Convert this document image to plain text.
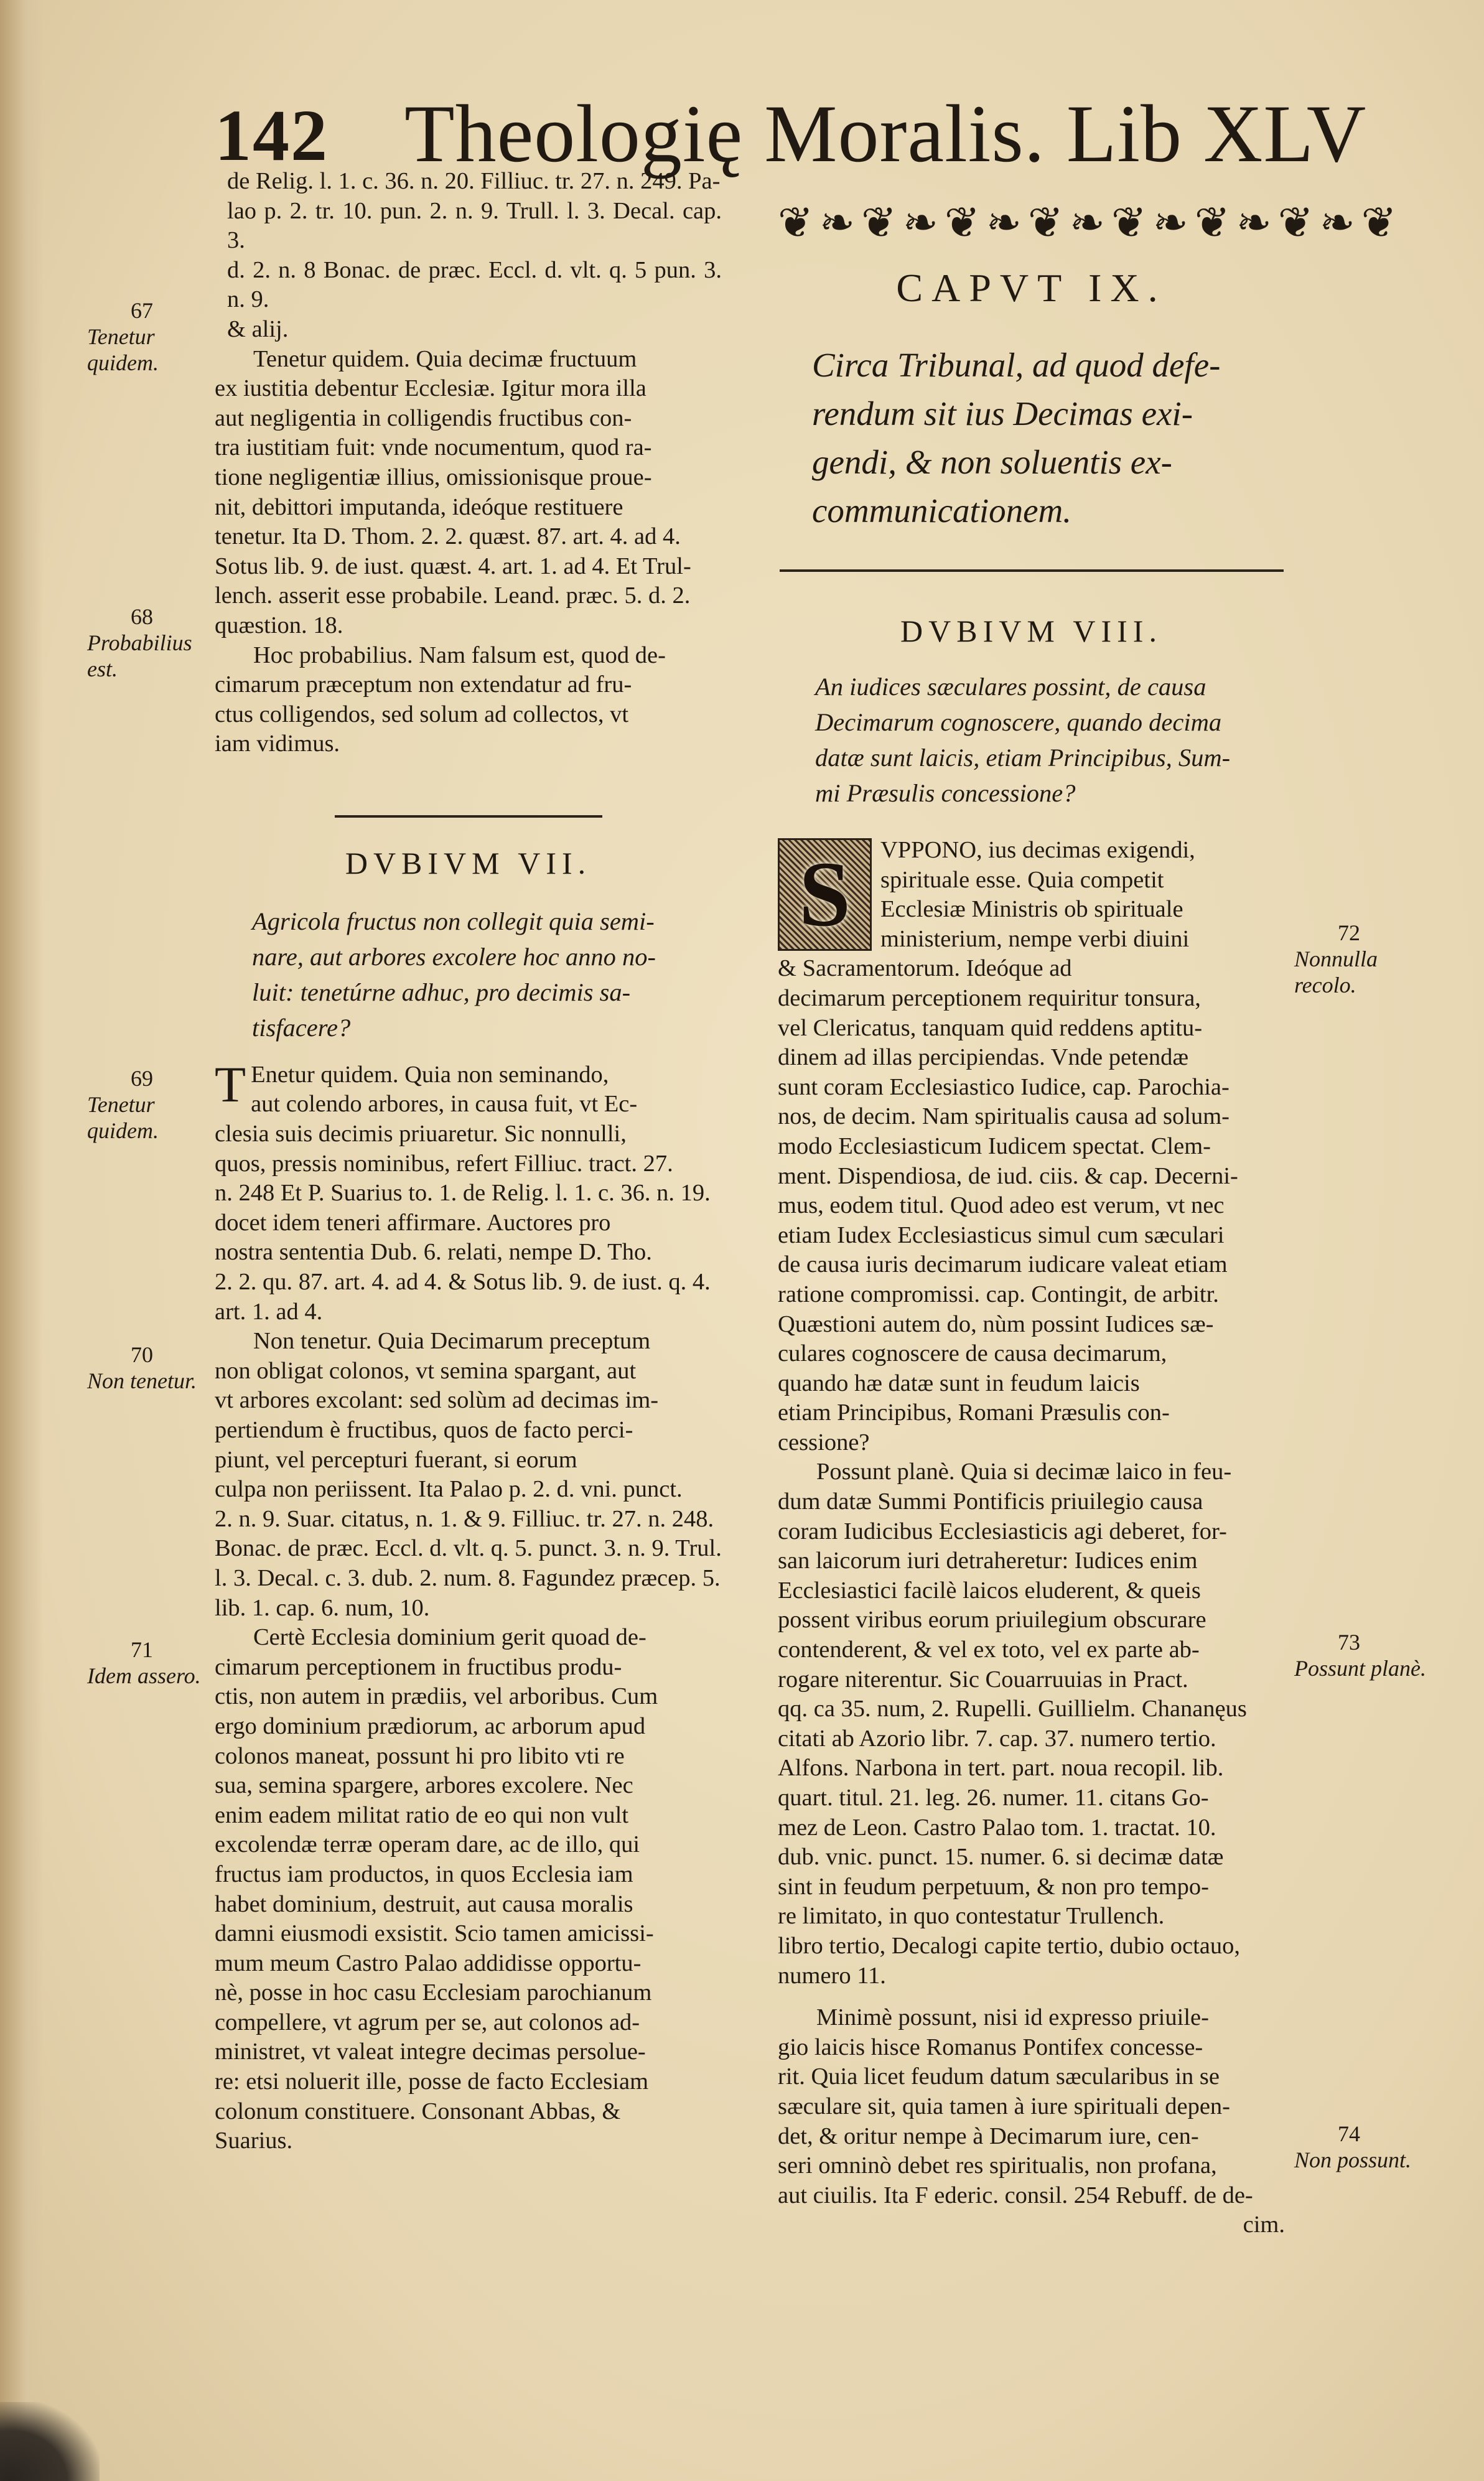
142 Theologię Moralis. Lib XLV

de Relig. l. 1. c. 36. n. 20. Filliuc. tr. 27. n. 249. Pa-

lao p. 2. tr. 10. pun. 2. n. 9. Trull. l. 3. Decal. cap. 3.

d. 2. n. 8 Bonac. de præc. Eccl. d. vlt. q. 5 pun. 3. n. 9.

& alij.

Tenetur quidem. Quia decimæ fructuum

ex iustitia debentur Ecclesiæ. Igitur mora illa

aut negligentia in colligendis fructibus con-

tra iustitiam fuit: vnde nocumentum, quod ra-

tione negligentiæ illius, omissionisque proue-

nit, debittori imputanda, ideóque restituere

tenetur. Ita D. Thom. 2. 2. quæst. 87. art. 4. ad 4.

Sotus lib. 9. de iust. quæst. 4. art. 1. ad 4. Et Trul-

lench. asserit esse probabile. Leand. præc. 5. d. 2.

quæstion. 18.

Hoc probabilius. Nam falsum est, quod de-

cimarum præceptum non extendatur ad fru-

ctus colligendos, sed solum ad collectos, vt

iam vidimus.

DVBIVM VII.
Agricola fructus non collegit quia semi-
nare, aut arbores excolere hoc anno no-
luit: tenetúrne adhuc, pro decimis sa-
tisfacere?
T Enetur quidem. Quia non seminando,

aut colendo arbores, in causa fuit, vt Ec-

clesia suis decimis priuaretur. Sic nonnulli,

quos, pressis nominibus, refert Filliuc. tract. 27.

n. 248 Et P. Suarius to. 1. de Relig. l. 1. c. 36. n. 19.

docet idem teneri affirmare. Auctores pro

nostra sententia Dub. 6. relati, nempe D. Tho.

2. 2. qu. 87. art. 4. ad 4. & Sotus lib. 9. de iust. q. 4.

art. 1. ad 4.

Non tenetur. Quia Decimarum preceptum

non obligat colonos, vt semina spargant, aut

vt arbores excolant: sed solùm ad decimas im-

pertiendum è fructibus, quos de facto perci-

piunt, vel percepturi fuerant, si eorum

culpa non periissent. Ita Palao p. 2. d. vni. punct.

2. n. 9. Suar. citatus, n. 1. & 9. Filliuc. tr. 27. n. 248.

Bonac. de præc. Eccl. d. vlt. q. 5. punct. 3. n. 9. Trul.

l. 3. Decal. c. 3. dub. 2. num. 8. Fagundez præcep. 5.

lib. 1. cap. 6. num, 10.

Certè Ecclesia dominium gerit quoad de-

cimarum perceptionem in fructibus produ-

ctis, non autem in prædiis, vel arboribus. Cum

ergo dominium prædiorum, ac arborum apud

colonos maneat, possunt hi pro libito vti re

sua, semina spargere, arbores excolere. Nec

enim eadem militat ratio de eo qui non vult

excolendæ terræ operam dare, ac de illo, qui

fructus iam productos, in quos Ecclesia iam

habet dominium, destruit, aut causa moralis

damni eiusmodi exsistit. Scio tamen amicissi-

mum meum Castro Palao addidisse opportu-

nè, posse in hoc casu Ecclesiam parochianum

compellere, vt agrum per se, aut colonos ad-

ministret, vt valeat integre decimas persolue-

re: etsi noluerit ille, posse de facto Ecclesiam

colonum constituere. Consonant Abbas, &

Suarius.

67
Tenetur quidem.
68
Probabilius est.
69
Tenetur quidem.
70
Non tenetur.
71
Idem assero.
❦❧❦❧❦❧❦❧❦❧❦❧❦❧❦
CAPVT IX.
Circa Tribunal, ad quod defe-
rendum sit ius Decimas exi-
gendi, & non soluentis ex-
communicationem.
DVBIVM VIII.
An iudices sæculares possint, de causa
Decimarum cognoscere, quando decima
datæ sunt laicis, etiam Principibus, Sum-
mi Præsulis concessione?
S	VPPONO, ius decimas exigendi,

spirituale esse. Quia competit

Ecclesiæ Ministris ob spirituale

ministerium, nempe verbi diuini

& Sacramentorum. Ideóque ad

decimarum perceptionem requiritur tonsura,

vel Clericatus, tanquam quid reddens aptitu-

dinem ad illas percipiendas. Vnde petendæ

sunt coram Ecclesiastico Iudice, cap. Parochia-

nos, de decim. Nam spiritualis causa ad solum-

modo Ecclesiasticum Iudicem spectat. Clem-

ment. Dispendiosa, de iud. ciis. & cap. Decerni-

mus, eodem titul. Quod adeo est verum, vt nec

etiam Iudex Ecclesiasticus simul cum sæculari

de causa iuris decimarum iudicare valeat etiam

ratione compromissi. cap. Contingit, de arbitr.

Quæstioni autem do, nùm possint Iudices sæ-

culares cognoscere de causa decimarum,

quando hæ datæ sunt in feudum laicis

etiam Principibus, Romani Præsulis con-

cessione?

Possunt planè. Quia si decimæ laico in feu-

dum datæ Summi Pontificis priuilegio causa

coram Iudicibus Ecclesiasticis agi deberet, for-

san laicorum iuri detraheretur: Iudices enim

Ecclesiastici facilè laicos eluderent, & queis

possent viribus eorum priuilegium obscurare

contenderent, & vel ex toto, vel ex parte ab-

rogare niterentur. Sic Couarruuias in Pract.

qq. ca 35. num, 2. Rupelli. Guillielm. Chananęus

citati ab Azorio libr. 7. cap. 37. numero tertio.

Alfons. Narbona in tert. part. noua recopil. lib.

quart. titul. 21. leg. 26. numer. 11. citans Go-

mez de Leon. Castro Palao tom. 1. tractat. 10.

dub. vnic. punct. 15. numer. 6. si decimæ datæ

sint in feudum perpetuum, & non pro tempo-

re limitato, in quo contestatur Trullench.

libro tertio, Decalogi capite tertio, dubio octauo,

numero 11.

Minimè possunt, nisi id expresso priuile-

gio laicis hisce Romanus Pontifex concesse-

rit. Quia licet feudum datum sæcularibus in se

sæculare sit, quia tamen à iure spirituali depen-

det, & oritur nempe à Decimarum iure, cen-

seri omninò debet res spiritualis, non profana,

aut ciuilis. Ita F ederic. consil. 254 Rebuff. de de-

cim.

72
Nonnulla recolo.
73
Possunt planè.
74
Non possunt.
